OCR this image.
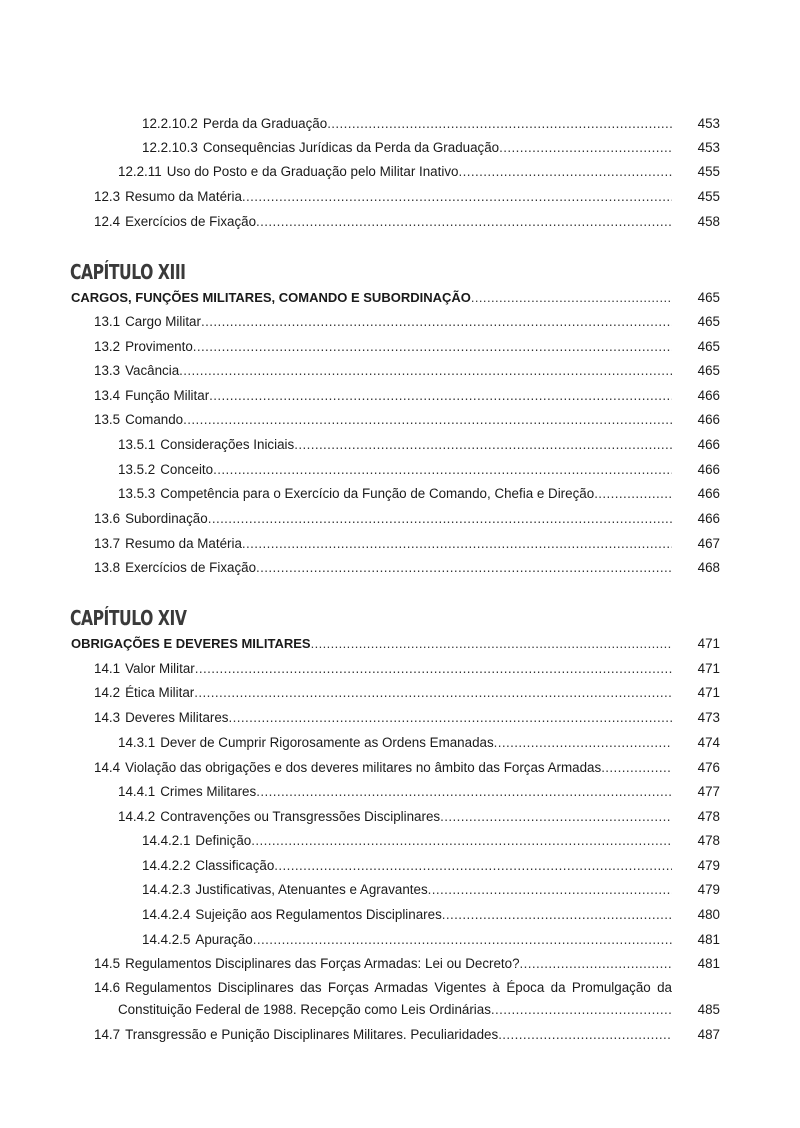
12.2.10.2 Perda da Graduação .....	453
12.2.10.3 Consequências Jurídicas da Perda da Graduação .....	453
12.2.11 Uso do Posto e da Graduação pelo Militar Inativo .....	455
12.3 Resumo da Matéria .....	455
12.4 Exercícios de Fixação .....	458
CAPÍTULO XIII
CARGOS, FUNÇÕES MILITARES, COMANDO E SUBORDINAÇÃO .....	465
13.1 Cargo Militar .....	465
13.2 Provimento .....	465
13.3 Vacância .....	465
13.4 Função Militar .....	466
13.5 Comando .....	466
13.5.1 Considerações Iniciais .....	466
13.5.2 Conceito .....	466
13.5.3 Competência para o Exercício da Função de Comando, Chefia e Direção .....	466
13.6 Subordinação .....	466
13.7 Resumo da Matéria .....	467
13.8 Exercícios de Fixação .....	468
CAPÍTULO XIV
OBRIGAÇÕES E DEVERES MILITARES .....	471
14.1 Valor Militar .....	471
14.2 Ética Militar .....	471
14.3 Deveres Militares .....	473
14.3.1 Dever de Cumprir Rigorosamente as Ordens Emanadas .....	474
14.4 Violação das obrigações e dos deveres militares no âmbito das Forças Armadas .....	476
14.4.1 Crimes Militares .....	477
14.4.2 Contravenções ou Transgressões Disciplinares .....	478
14.4.2.1 Definição .....	478
14.4.2.2 Classificação .....	479
14.4.2.3 Justificativas, Atenuantes e Agravantes .....	479
14.4.2.4 Sujeição aos Regulamentos Disciplinares .....	480
14.4.2.5 Apuração .....	481
14.5 Regulamentos Disciplinares das Forças Armadas: Lei ou Decreto? .....	481
14.6 Regulamentos Disciplinares das Forças Armadas Vigentes à Época da Promulgação da
Constituição Federal de 1988. Recepção como Leis Ordinárias .....	485
14.7 Transgressão e Punição Disciplinares Militares. Peculiaridades .....	487
